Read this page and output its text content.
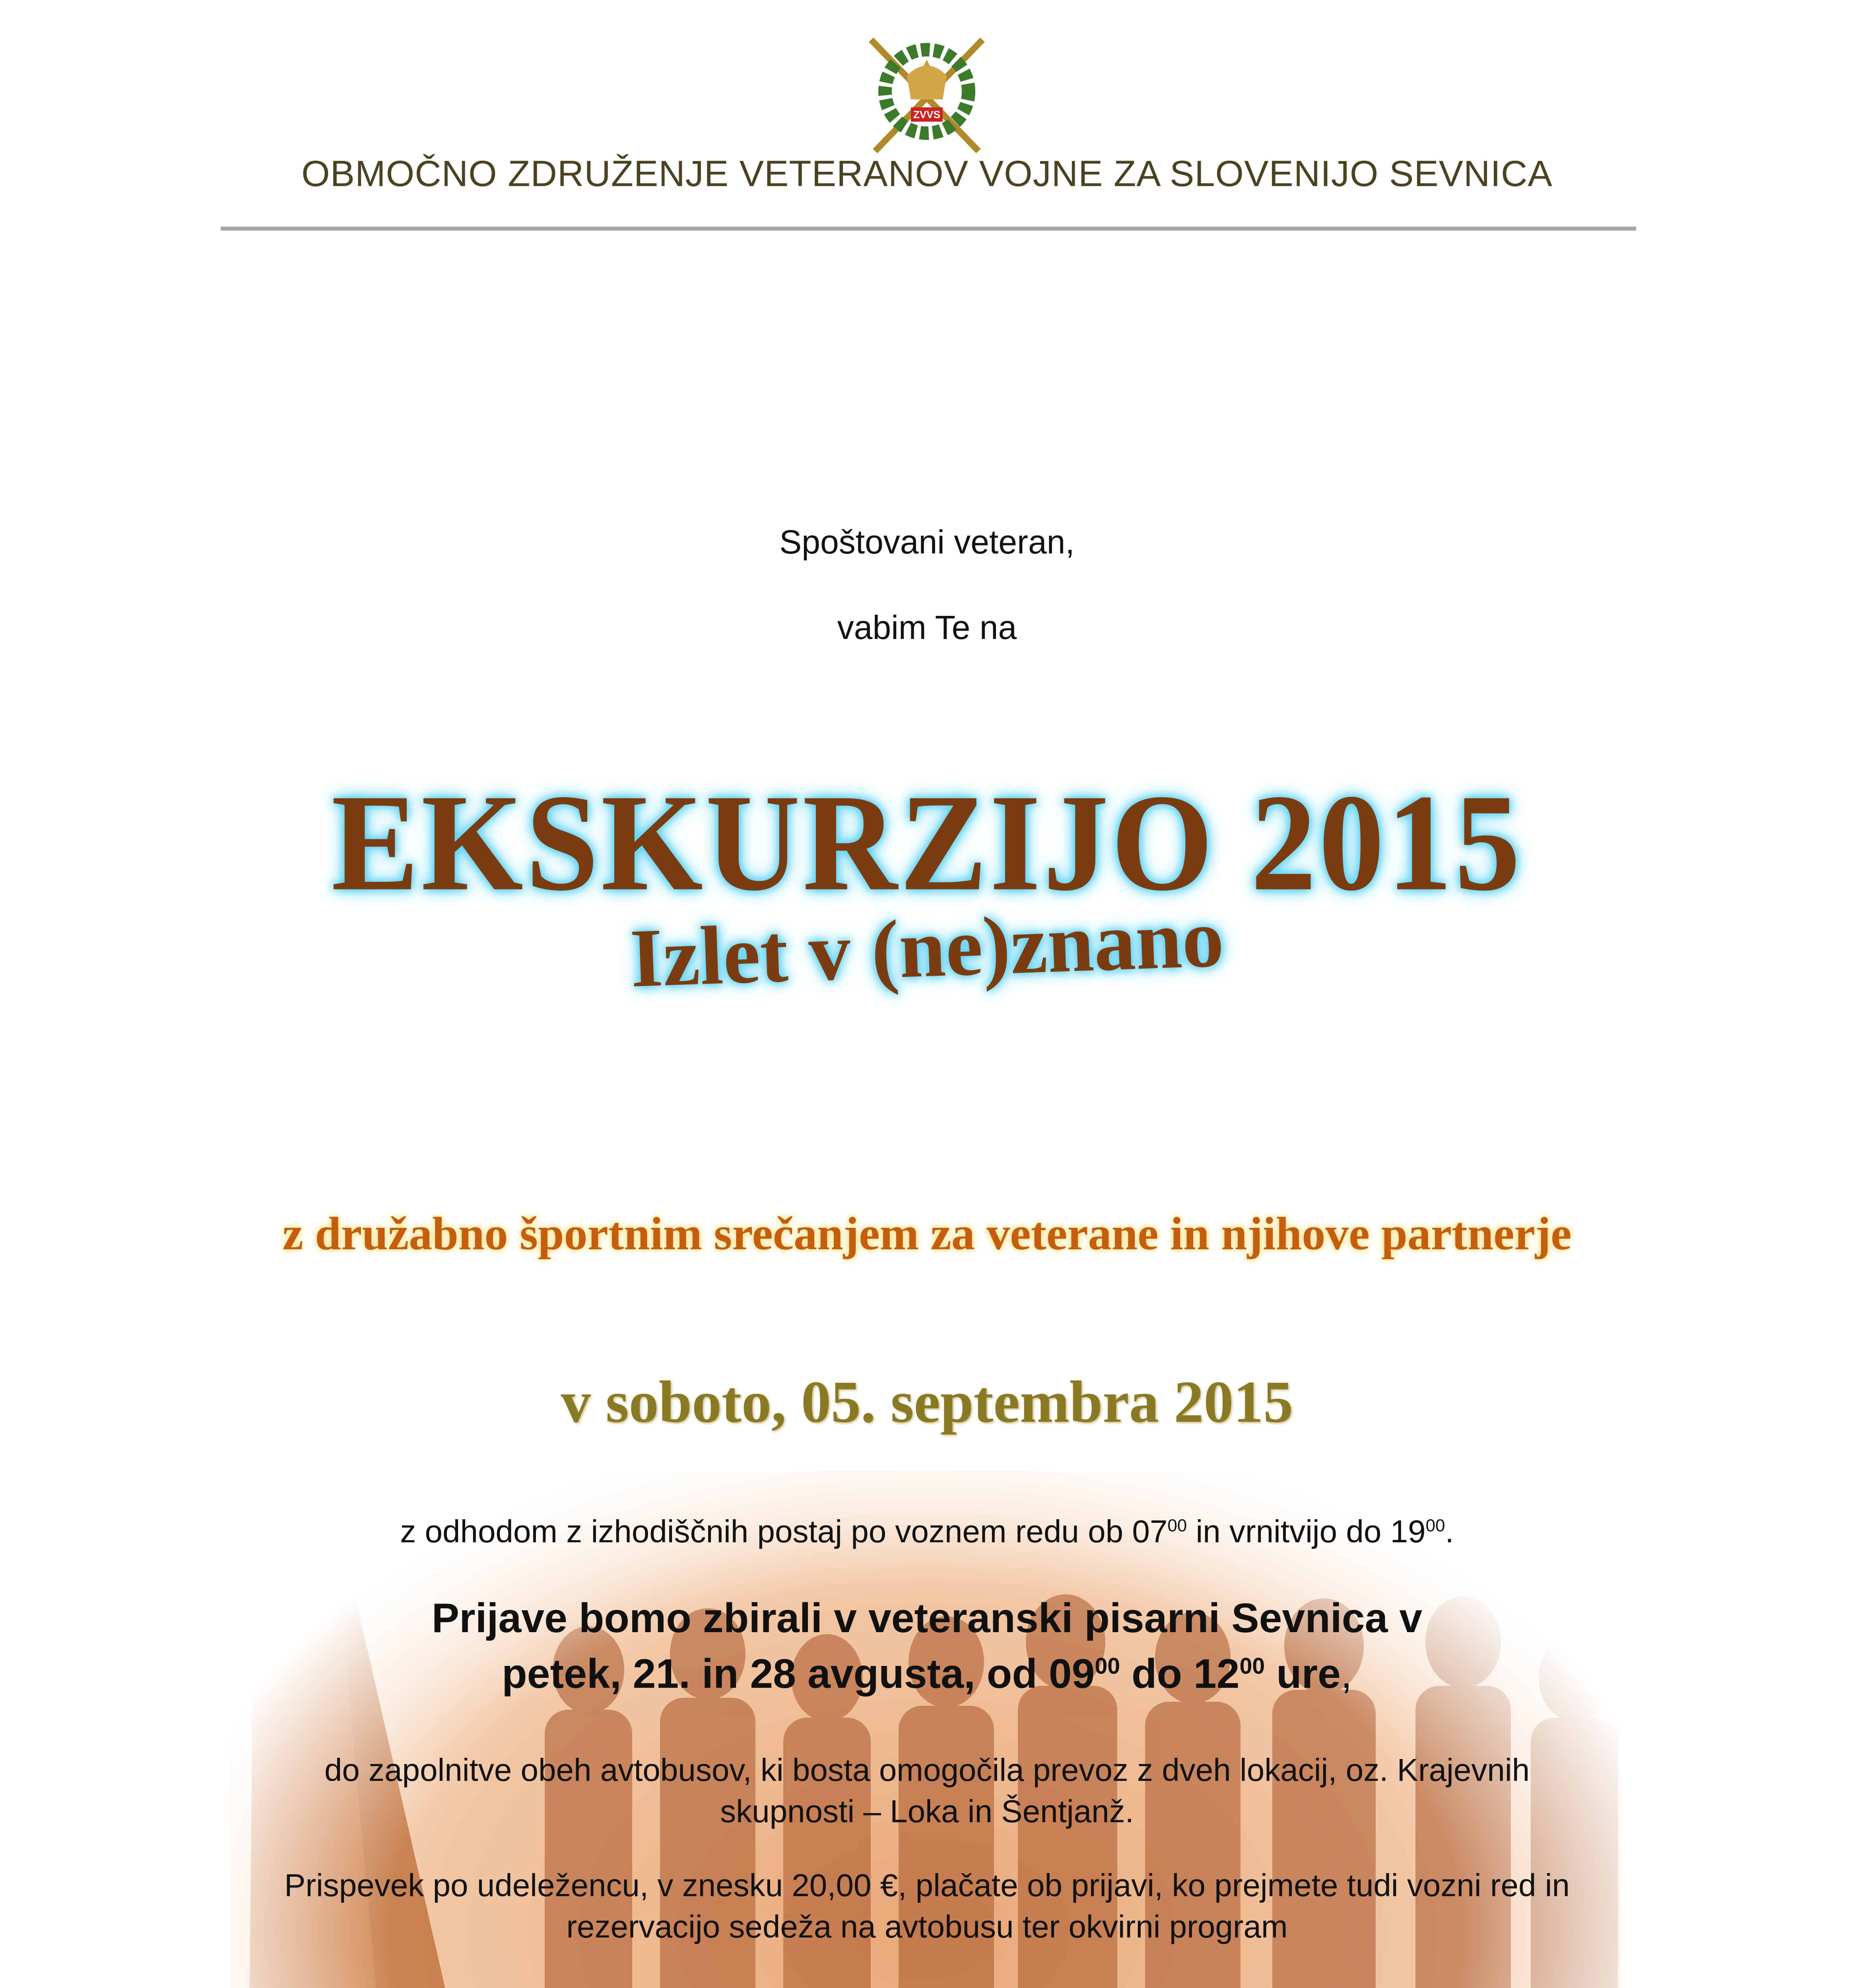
ZVVS
OBMOČNO ZDRUŽENJE VETERANOV VOJNE ZA SLOVENIJO SEVNICA
Spoštovani veteran,
vabim Te na
EKSKURZIJO 2015
Izlet v (ne)znano
z družabno športnim srečanjem za veterane in njihove partnerje
v soboto, 05. septembra 2015
z odhodom z izhodiščnih postaj po voznem redu ob $07^{00}$ in vrnitvijo do $19^{00}$.
Prijave bomo zbirali v veteranski pisarni Sevnica v
petek, 21. in 28 avgusta, od $09^{00}$ do $12^{00}$ ure,
do zapolnitve obeh avtobusov, ki bosta omogočila prevoz z dveh lokacij, oz. Krajevnih
skupnosti – Loka in Šentjanž.
Prispevek po udeležencu, v znesku 20,00 €, plačate ob prijavi, ko prejmete tudi vozni red in
rezervacijo sedeža na avtobusu ter okvirni program
